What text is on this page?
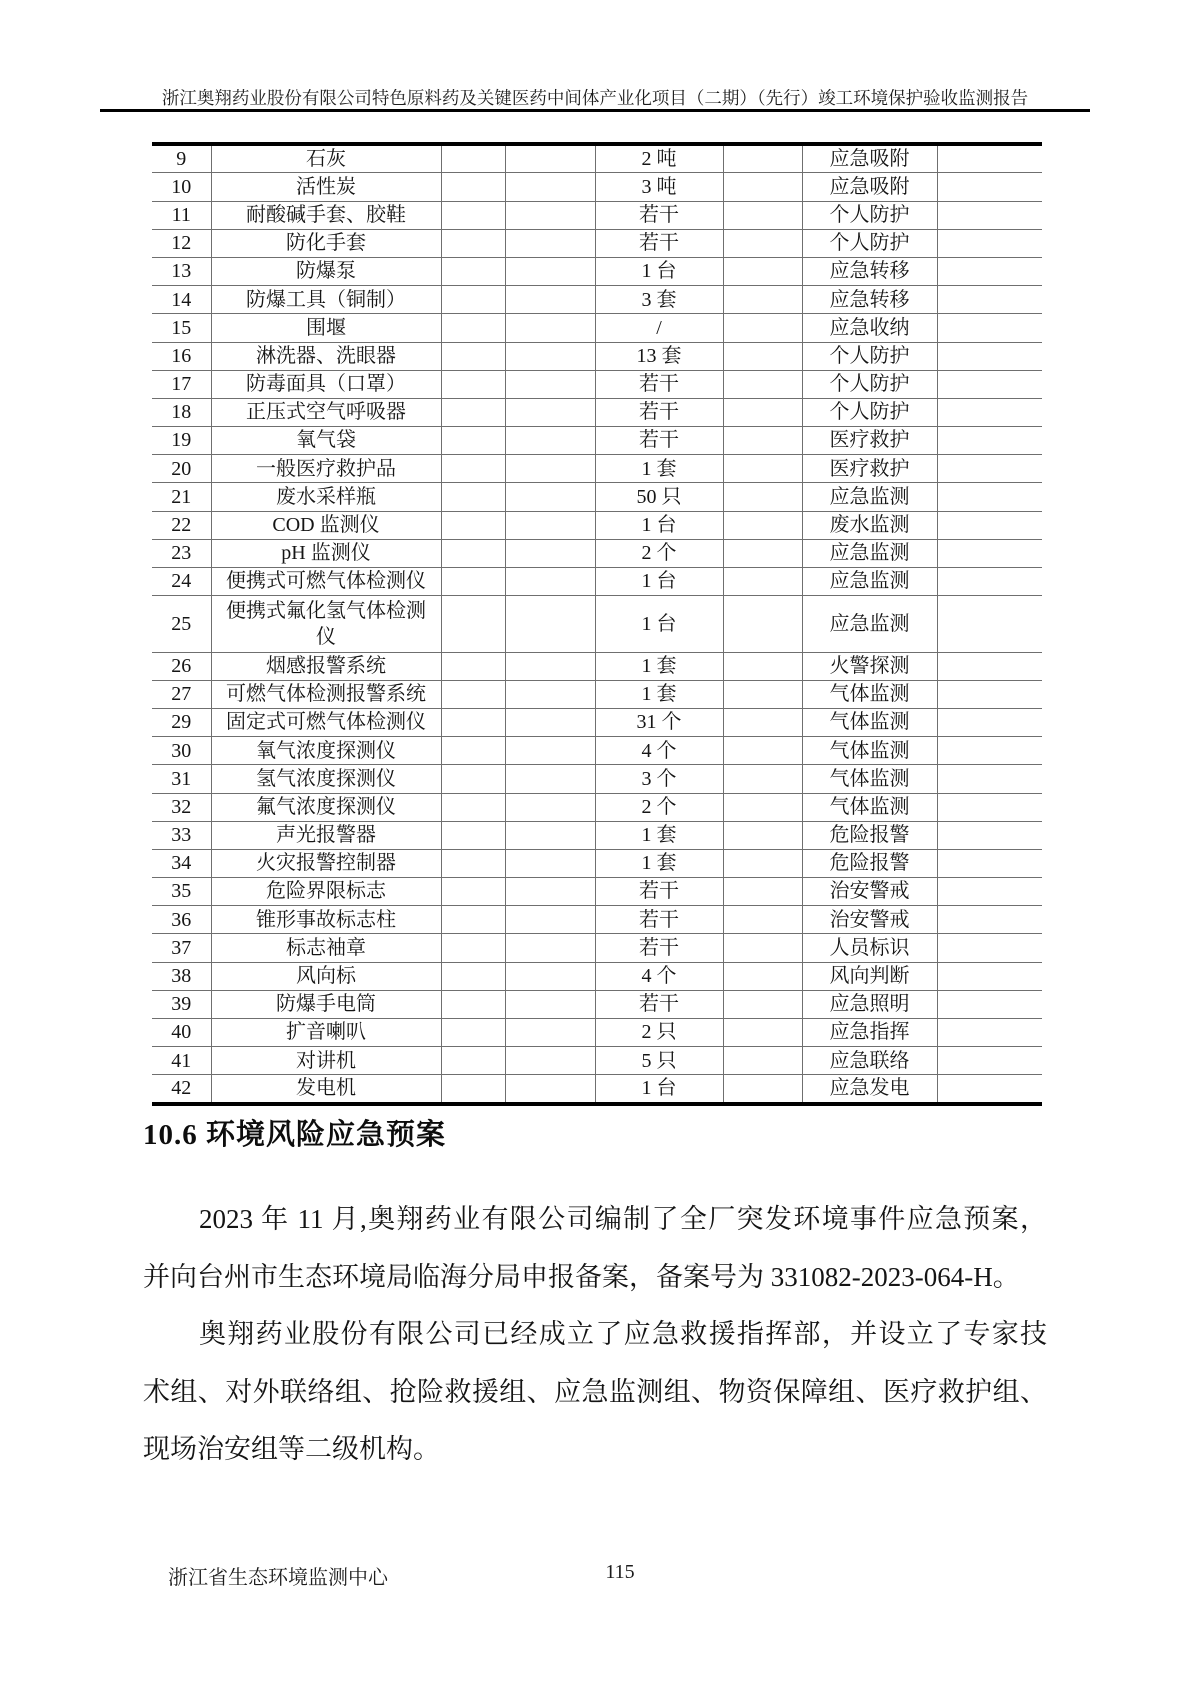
浙江奥翔药业股份有限公司特色原料药及关键医药中间体产业化项目（二期）（先行）竣工环境保护验收监测报告
9	石灰			2 吨		应急吸附	
10	活性炭			3 吨		应急吸附	
11	耐酸碱手套、胶鞋			若干		个人防护	
12	防化手套			若干		个人防护	
13	防爆泵			1 台		应急转移	
14	防爆工具（铜制）			3 套		应急转移	
15	围堰			/		应急收纳	
16	淋洗器、洗眼器			13 套		个人防护	
17	防毒面具（口罩）			若干		个人防护	
18	正压式空气呼吸器			若干		个人防护	
19	氧气袋			若干		医疗救护	
20	一般医疗救护品			1 套		医疗救护	
21	废水采样瓶			50 只		应急监测	
22	COD 监测仪			1 台		废水监测	
23	pH 监测仪			2 个		应急监测	
24	便携式可燃气体检测仪			1 台		应急监测	
25	便携式氟化氢气体检测仪			1 台		应急监测	
26	烟感报警系统			1 套		火警探测	
27	可燃气体检测报警系统			1 套		气体监测	
29	固定式可燃气体检测仪			31 个		气体监测	
30	氧气浓度探测仪			4 个		气体监测	
31	氢气浓度探测仪			3 个		气体监测	
32	氟气浓度探测仪			2 个		气体监测	
33	声光报警器			1 套		危险报警	
34	火灾报警控制器			1 套		危险报警	
35	危险界限标志			若干		治安警戒	
36	锥形事故标志柱			若干		治安警戒	
37	标志袖章			若干		人员标识	
38	风向标			4 个		风向判断	
39	防爆手电筒			若干		应急照明	
40	扩音喇叭			2 只		应急指挥	
41	对讲机			5 只		应急联络	
42	发电机			1 台		应急发电	
10.6 环境风险应急预案
2023 年 11 月,奥翔药业有限公司编制了全厂突发环境事件应急预案，
并向台州市生态环境局临海分局申报备案，备案号为 331082-2023-064-H。
奥翔药业股份有限公司已经成立了应急救援指挥部，并设立了专家技
术组、对外联络组、抢险救援组、应急监测组、物资保障组、医疗救护组、
现场治安组等二级机构。
浙江省生态环境监测中心	115
